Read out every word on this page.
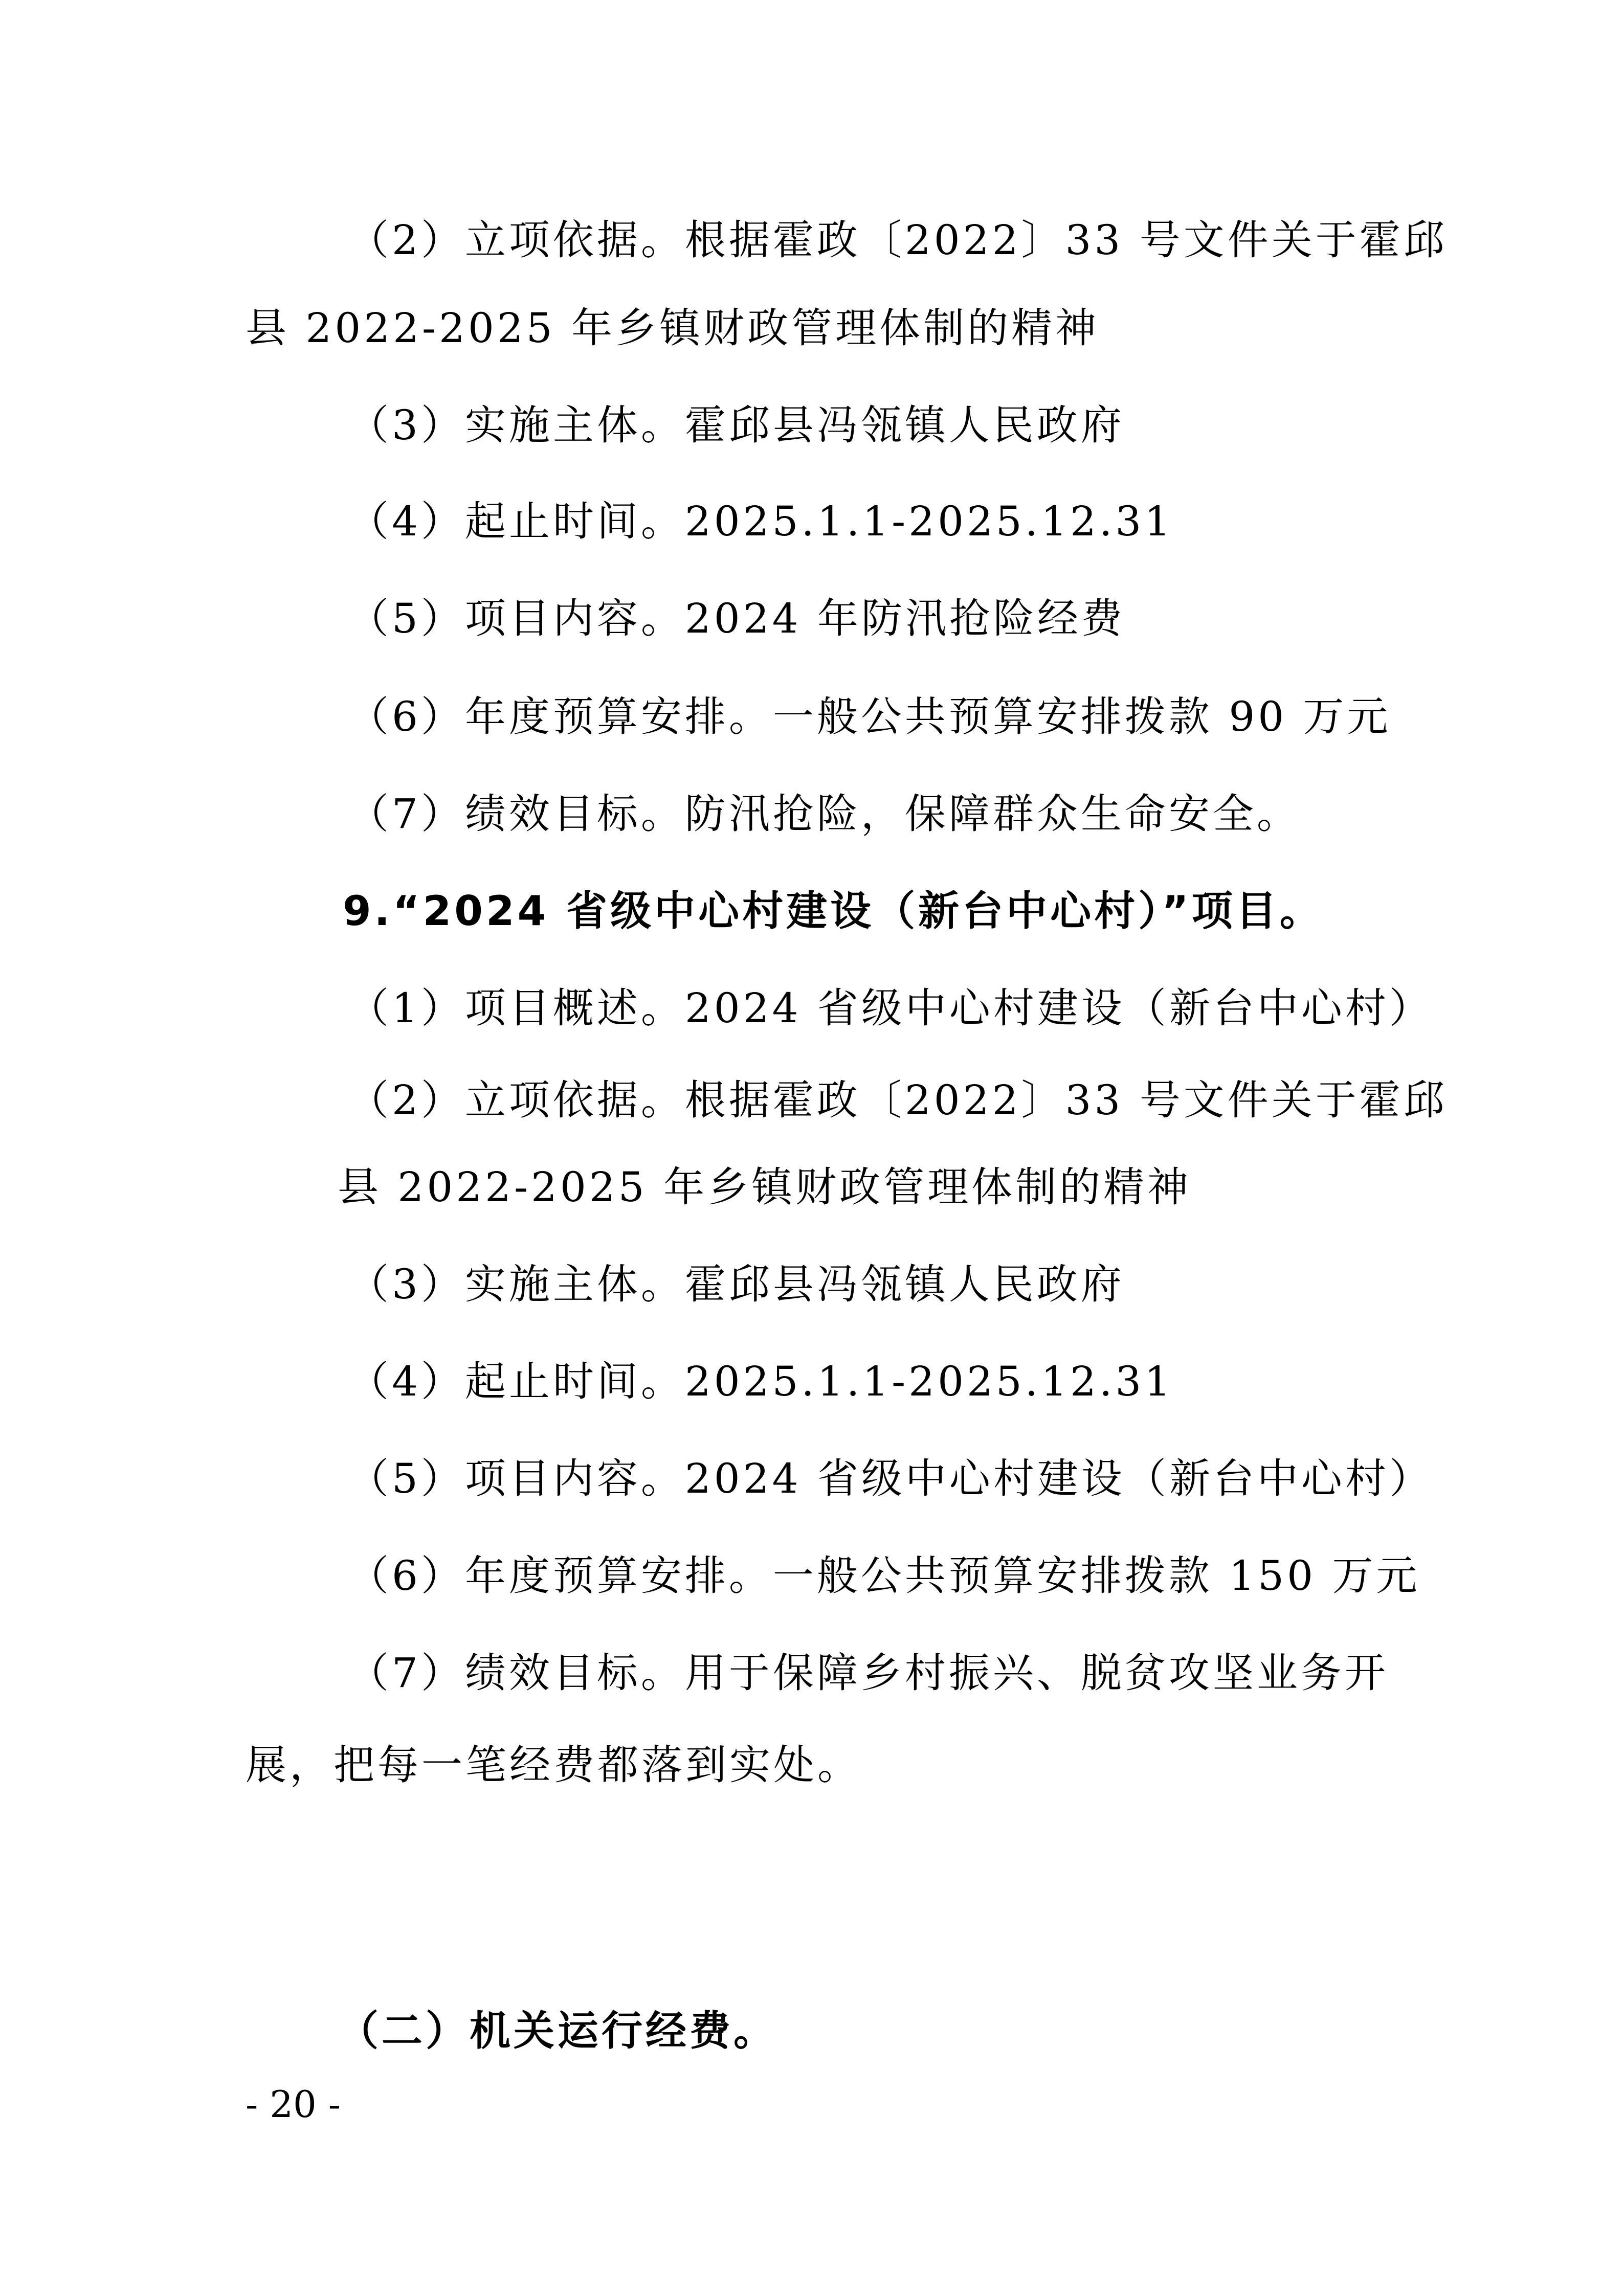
（2）立项依据。根据霍政〔2022〕33 号文件关于霍邱
县 2022-2025 年乡镇财政管理体制的精神
（3）实施主体。霍邱县冯瓴镇人民政府
（4）起止时间。2025.1.1-2025.12.31
（5）项目内容。2024 年防汛抢险经费
（6）年度预算安排。一般公共预算安排拨款 90 万元
（7）绩效目标。防汛抢险，保障群众生命安全。
9.“2024 省级中心村建设（新台中心村）”项目。
（1）项目概述。2024 省级中心村建设（新台中心村）
（2）立项依据。根据霍政〔2022〕33 号文件关于霍邱
县 2022-2025 年乡镇财政管理体制的精神
（3）实施主体。霍邱县冯瓴镇人民政府
（4）起止时间。2025.1.1-2025.12.31
（5）项目内容。2024 省级中心村建设（新台中心村）
（6）年度预算安排。一般公共预算安排拨款 150 万元
（7）绩效目标。用于保障乡村振兴、脱贫攻坚业务开
展，把每一笔经费都落到实处。
（二）机关运行经费。
- 20 -
